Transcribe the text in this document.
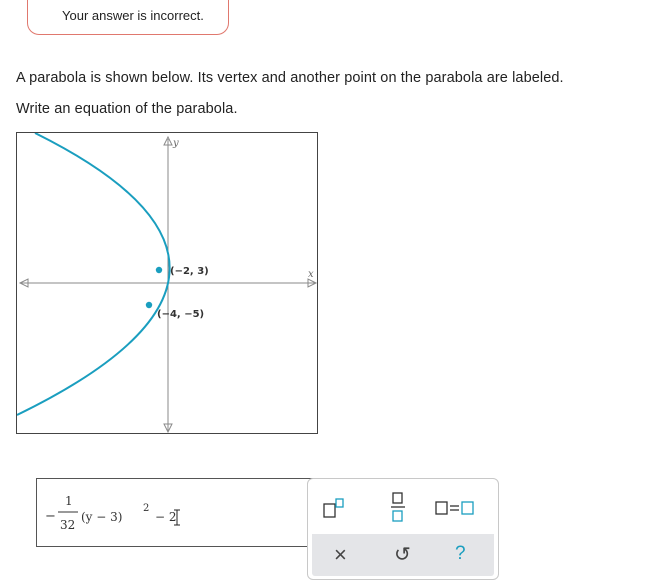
Your answer is incorrect.
A parabola is shown below. Its vertex and another point on the parabola are labeled.
Write an equation of the parabola.
y
x
(−2, 3)
(−4, −5)
−
1
32
(y − 3)
2
− 2
× ↺ ?
